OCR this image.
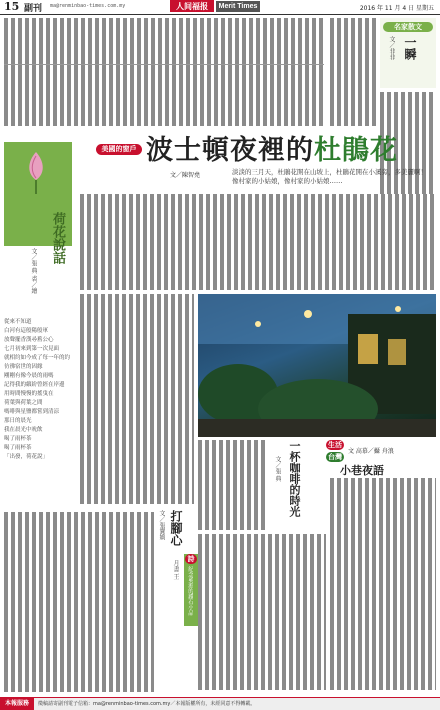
15 副刊 ma@renminbao-times.com.my	人间福报	Merit Times	2016 年 11 月 4 日 星期五
名家散文
一瞬
文／非非
荷花說話
文／張 典 裘／繪
從來不知道
白河有這般陽般軍
放聲擺香漢尋舊公心
七月初來到第一次見面
就相約如今成了每一年的約
彷彿宿世的因緣
剛剛有像今晨的雨嗎
記得我的繽紛曾經在岸邊
用時間慢慢的搖曳在
荷葉與荷葉之間
嗎啡與星鹽都嘗到清涼
那日的晨光
我在晨光中吮飲
喝了雨杯茶
喝了雨杯茶
「出發，荷花說」
美國的窗戶 波士頓夜裡的杜鵑花
文／陳智堯	淡淡的三月天，杜鵑花開在山坡上，杜鵑花開在小溪旁，多美麗啊！
像村家的小姑娘，像村家的小姑娘……
一杯咖啡的時光
文／張 典
生活
台灣
文 高慕／攝 舟浪
小巷夜語
打腳心
文／張寶嬌
詩
紀念奚淞的鐵石小品
月書 王
本報服務	徵稿請寄副刊電子信箱：ma@renminbao-times.com.my／本報版權所有，未經同意不得轉載。
